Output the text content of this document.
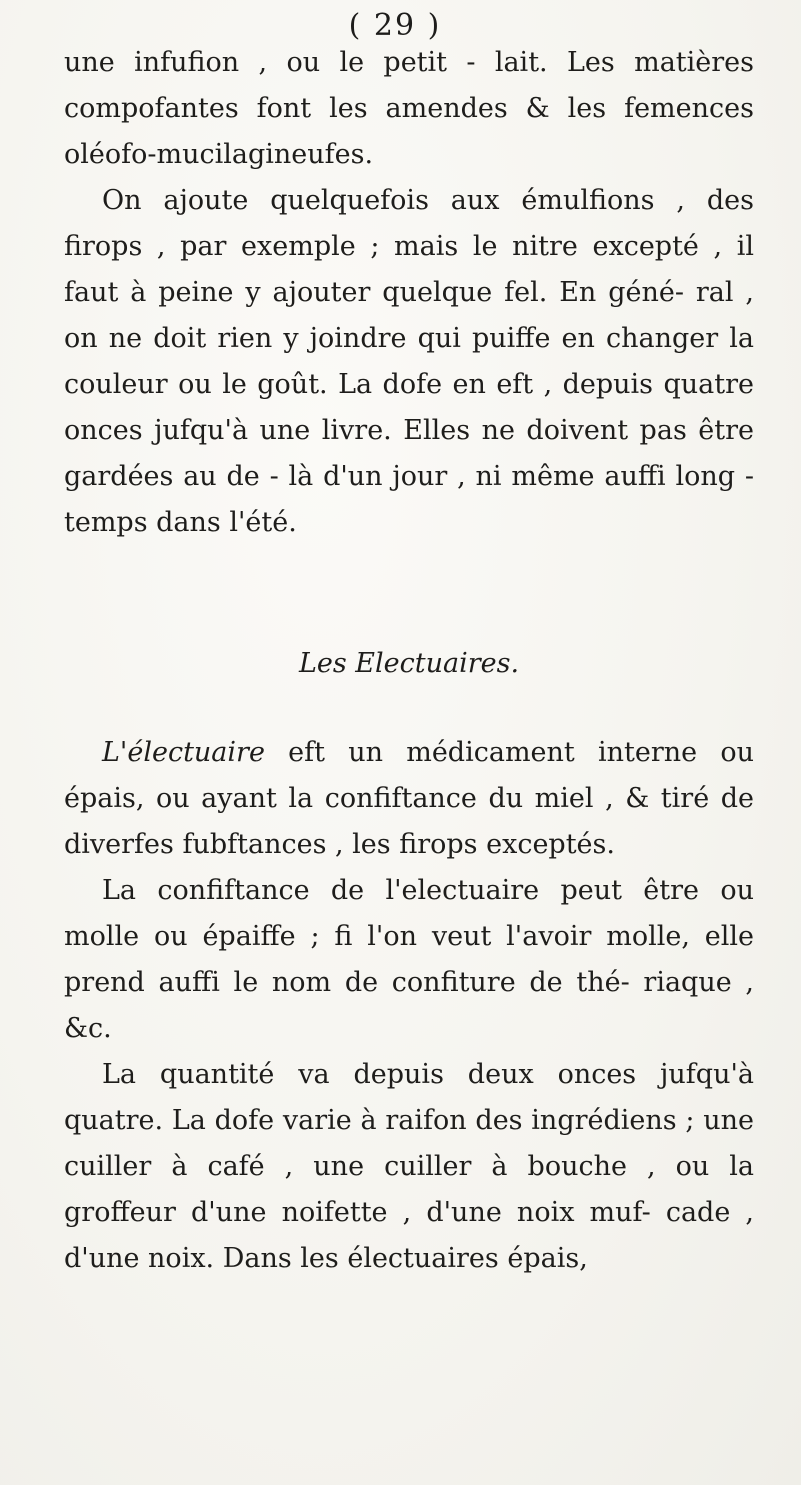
( 29 )

une infufion , ou le petit - lait. Les matières compofantes font les amendes & les femences oléofo-mucilagineufes.

On ajoute quelquefois aux émulfions , des firops , par exemple ; mais le nitre excepté , il faut à peine y ajouter quelque fel. En géné- ral , on ne doit rien y joindre qui puiffe en changer la couleur ou le goût. La dofe en eft , depuis quatre onces jufqu'à une livre. Elles ne doivent pas être gardées au de - là d'un jour , ni même auffi long - temps dans l'été.

Les Electuaires.

L'électuaire eft un médicament interne ou épais, ou ayant la confiftance du miel , & tiré de diverfes fubftances , les firops exceptés.

La confiftance de l'electuaire peut être ou molle ou épaiffe ; fi l'on veut l'avoir molle, elle prend auffi le nom de confiture de thé- riaque , &c.

La quantité va depuis deux onces jufqu'à quatre. La dofe varie à raifon des ingrédiens ; une cuiller à café , une cuiller à bouche , ou la groffeur d'une noifette , d'une noix muf- cade , d'une noix. Dans les électuaires épais,
